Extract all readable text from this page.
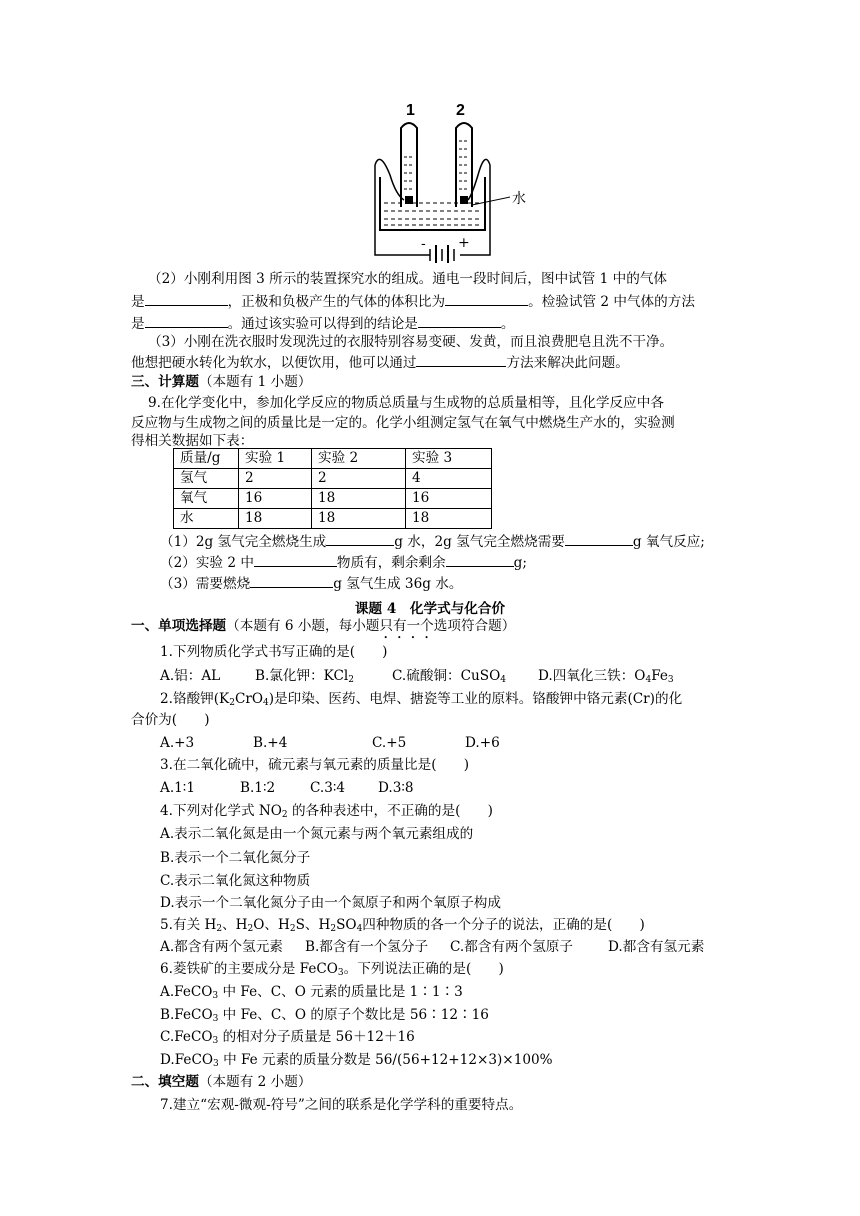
1	2
水
- +
（2）小刚利用图 3 所示的装置探究水的组成。通电一段时间后，图中试管 1 中的气体
是	，正极和负极产生的气体的体积比为	。检验试管 2 中气体的方法
是	。通过该实验可以得到的结论是	。
（3）小刚在洗衣服时发现洗过的衣服特别容易变硬、发黄，而且浪费肥皂且洗不干净。
他想把硬水转化为软水，以便饮用，他可以通过	方法来解决此问题。
三、计算题（本题有 1 小题）
9.在化学变化中，参加化学反应的物质总质量与生成物的总质量相等，且化学反应中各
反应物与生成物之间的质量比是一定的。化学小组测定氢气在氧气中燃烧生产水的，实验测
得相关数据如下表：
质量/g	实验 1	实验 2	实验 3
氢气	2	2	4
氧气	16	18	16
水	18	18	18
（1）2g 氢气完全燃烧生成	g 水，2g 氢气完全燃烧需要	g 氧气反应;
（2）实验 2 中	物质有，剩余剩余	g;
（3）需要燃烧	g 氢气生成 36g 水。
课题 4　化学式与化合价
一、单项选择题（本题有 6 小题，每小题只有一个选项符合题）
1.下列物质化学式书写正确的是(　　)
A.铝：AL	B.氯化钾：KCl$_2$	C.硫酸铜：CuSO$_4$ D.四氧化三铁：$O_4Fe_3$
2.铬酸钾$(K_2CrO_4)$是印染、医药、电焊、搪瓷等工业的原料。铬酸钾中铬元素(Cr)的化
合价为(　　)
A.+3	B.+4	C.+5	D.+6
3.在二氧化硫中，硫元素与氧元素的质量比是(　　)
A.1∶1	B.1∶2	C.3∶4 D.3∶8
4.下列对化学式 $NO_2$ 的各种表述中，不正确的是(　　)
A.表示二氧化氮是由一个氮元素与两个氧元素组成的
B.表示一个二氧化氮分子
C.表示二氧化氮这种物质
D.表示一个二氧化氮分子由一个氮原子和两个氧原子构成
5.有关 $H_2$、$H_2O$、$H_2S$、$H_2SO_4$四种物质的各一个分子的说法，正确的是(　　)
A.都含有两个氢元素 B.都含有一个氢分子 C.都含有两个氢原子	D.都含有氢元素
6.菱铁矿的主要成分是 FeCO$_3$。下列说法正确的是(　　)
A.FeCO$_3$ 中 Fe、C、O 元素的质量比是 1∶1∶3
B.FeCO$_3$ 中 Fe、C、O 的原子个数比是 56∶12∶16
C.FeCO$_3$ 的相对分子质量是 56＋12＋16
D.FeCO$_3$ 中 Fe 元素的质量分数是 56/(56+12+12×3)×100%
二、填空题（本题有 2 小题）
7.建立“宏观-微观-符号”之间的联系是化学学科的重要特点。
